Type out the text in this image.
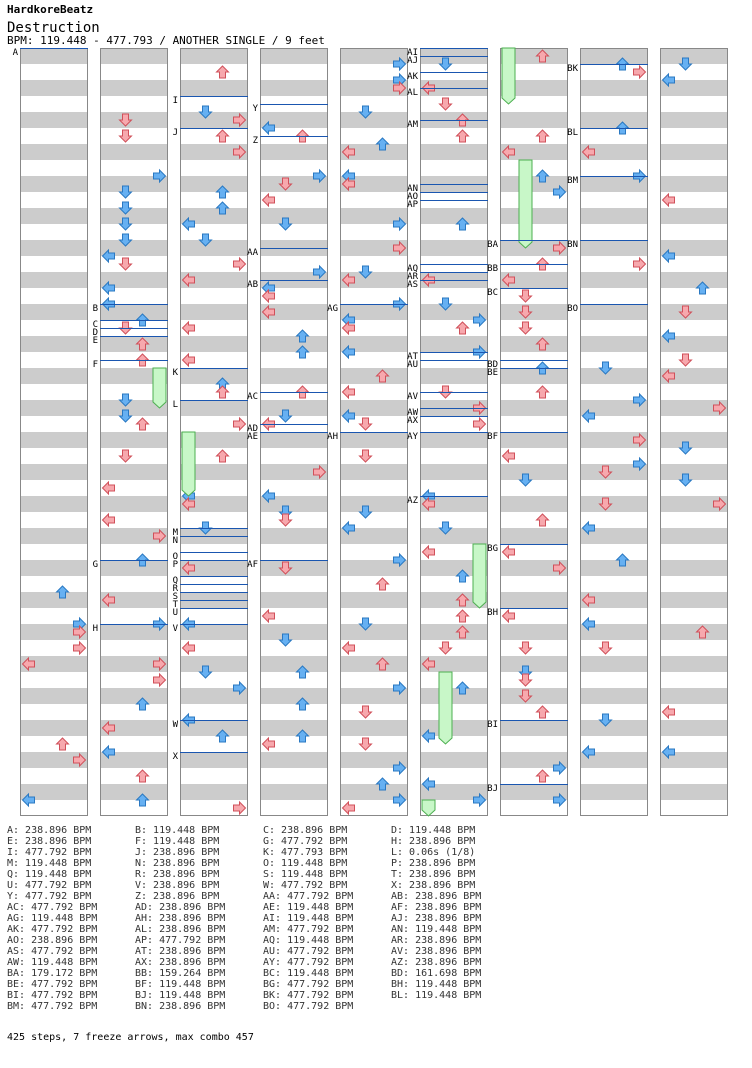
HardkoreBeatz
Destruction
BPM: 119.448 - 477.793 / ANOTHER SINGLE / 9 feet
A
B
C
D
E
F
G
H
I
J
K
L
M
N
O
P
Q
R
S
T
U
V
W
X
Y
Z
AA
AB
AC
AD
AE
AF
AG
AH
AI
AJ
AK
AL
AM
AN
AO
AP
AQ
AR
AS
AT
AU
AV
AW
AX
AY
AZ
BA
BB
BC
BD
BE
BF
BG
BH
BI
BJ
BK
BL
BM
BN
BO
A: 238.896 BPM	B: 119.448 BPM	C: 238.896 BPM	D: 119.448 BPM
E: 238.896 BPM	F: 119.448 BPM	G: 477.792 BPM	H: 238.896 BPM
I: 477.792 BPM	J: 238.896 BPM	K: 477.793 BPM	L: 0.06s (1/8)
M: 119.448 BPM	N: 238.896 BPM	O: 119.448 BPM	P: 238.896 BPM
Q: 119.448 BPM	R: 238.896 BPM	S: 119.448 BPM	T: 238.896 BPM
U: 477.792 BPM	V: 238.896 BPM	W: 477.792 BPM	X: 238.896 BPM
Y: 477.792 BPM	Z: 238.896 BPM	AA: 477.792 BPM	AB: 238.896 BPM
AC: 477.792 BPM	AD: 238.896 BPM	AE: 119.448 BPM	AF: 238.896 BPM
AG: 119.448 BPM	AH: 238.896 BPM	AI: 119.448 BPM	AJ: 238.896 BPM
AK: 477.792 BPM	AL: 238.896 BPM	AM: 477.792 BPM	AN: 119.448 BPM
AO: 238.896 BPM	AP: 477.792 BPM	AQ: 119.448 BPM	AR: 238.896 BPM
AS: 477.792 BPM	AT: 238.896 BPM	AU: 477.792 BPM	AV: 238.896 BPM
AW: 119.448 BPM	AX: 238.896 BPM	AY: 477.792 BPM	AZ: 238.896 BPM
BA: 179.172 BPM	BB: 159.264 BPM	BC: 119.448 BPM	BD: 161.698 BPM
BE: 477.792 BPM	BF: 119.448 BPM	BG: 477.792 BPM	BH: 119.448 BPM
BI: 477.792 BPM	BJ: 119.448 BPM	BK: 477.792 BPM	BL: 119.448 BPM
BM: 477.792 BPM	BN: 238.896 BPM	BO: 477.792 BPM
425 steps, 7 freeze arrows, max combo 457
